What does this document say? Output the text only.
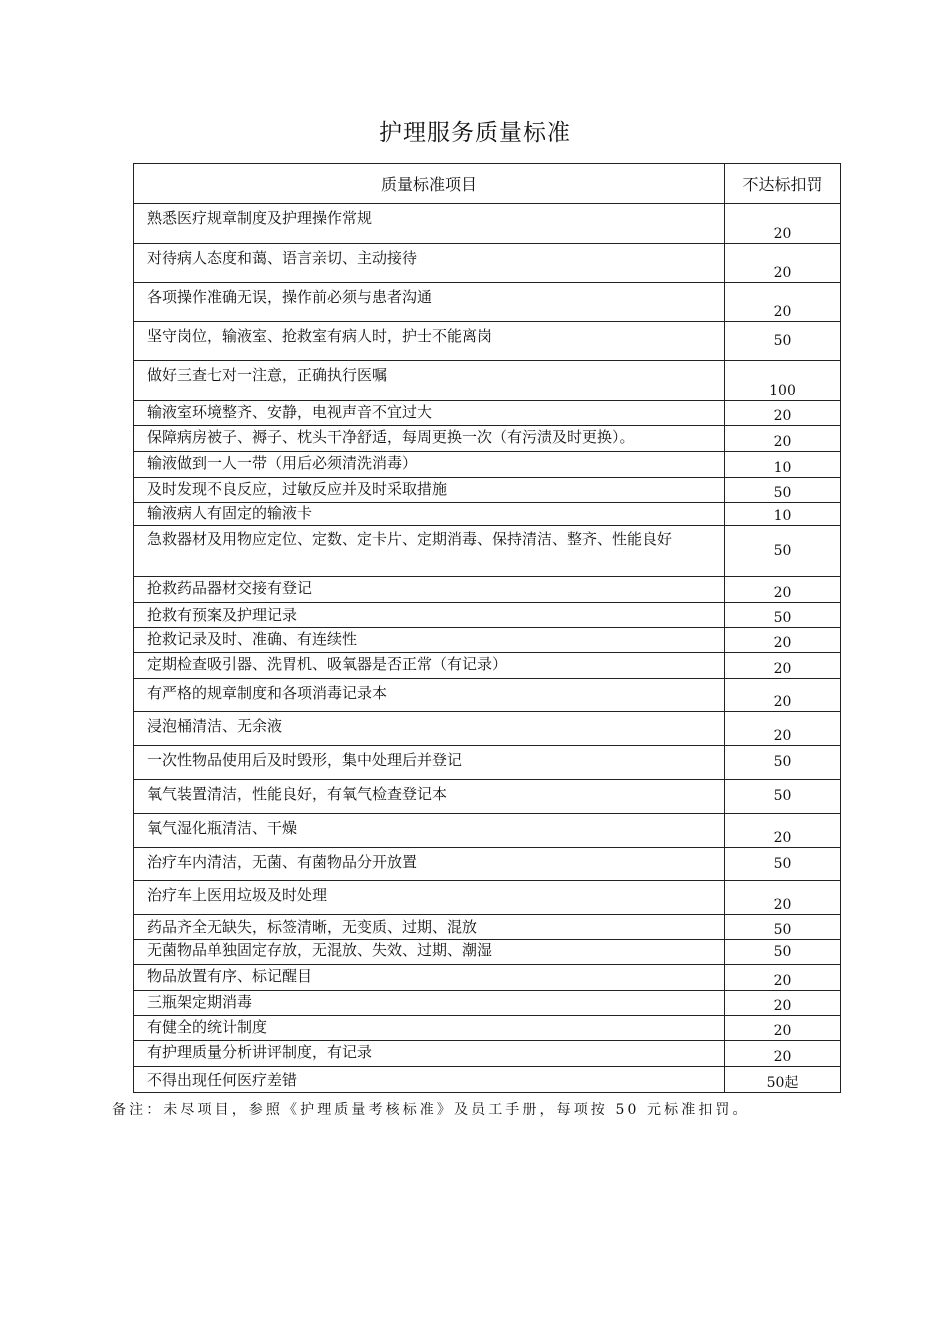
护理服务质量标准
质量标准项目	不达标扣罚
熟悉医疗规章制度及护理操作常规	20
对待病人态度和蔼、语言亲切、主动接待	20
各项操作准确无误，操作前必须与患者沟通	20
坚守岗位，输液室、抢救室有病人时，护士不能离岗	50
做好三查七对一注意，正确执行医嘱	100
输液室环境整齐、安静，电视声音不宜过大	20
保障病房被子、褥子、枕头干净舒适，每周更换一次（有污渍及时更换）。	20
输液做到一人一带（用后必须清洗消毒）	10
及时发现不良反应，过敏反应并及时采取措施	50
输液病人有固定的输液卡	10
急救器材及用物应定位、定数、定卡片、定期消毒、保持清洁、整齐、性能良好	50
抢救药品器材交接有登记	20
抢救有预案及护理记录	50
抢救记录及时、准确、有连续性	20
定期检查吸引器、洗胃机、吸氧器是否正常（有记录）	20
有严格的规章制度和各项消毒记录本	20
浸泡桶清洁、无余液	20
一次性物品使用后及时毁形，集中处理后并登记	50
氧气装置清洁，性能良好，有氧气检查登记本	50
氧气湿化瓶清洁、干燥	20
治疗车内清洁，无菌、有菌物品分开放置	50
治疗车上医用垃圾及时处理	20
药品齐全无缺失，标签清晰，无变质、过期、混放	50
无菌物品单独固定存放，无混放、失效、过期、潮湿	50
物品放置有序、标记醒目	20
三瓶架定期消毒	20
有健全的统计制度	20
有护理质量分析讲评制度，有记录	20
不得出现任何医疗差错	50起
备注：未尽项目，参照《护理质量考核标准》及员工手册，每项按 50 元标准扣罚。
